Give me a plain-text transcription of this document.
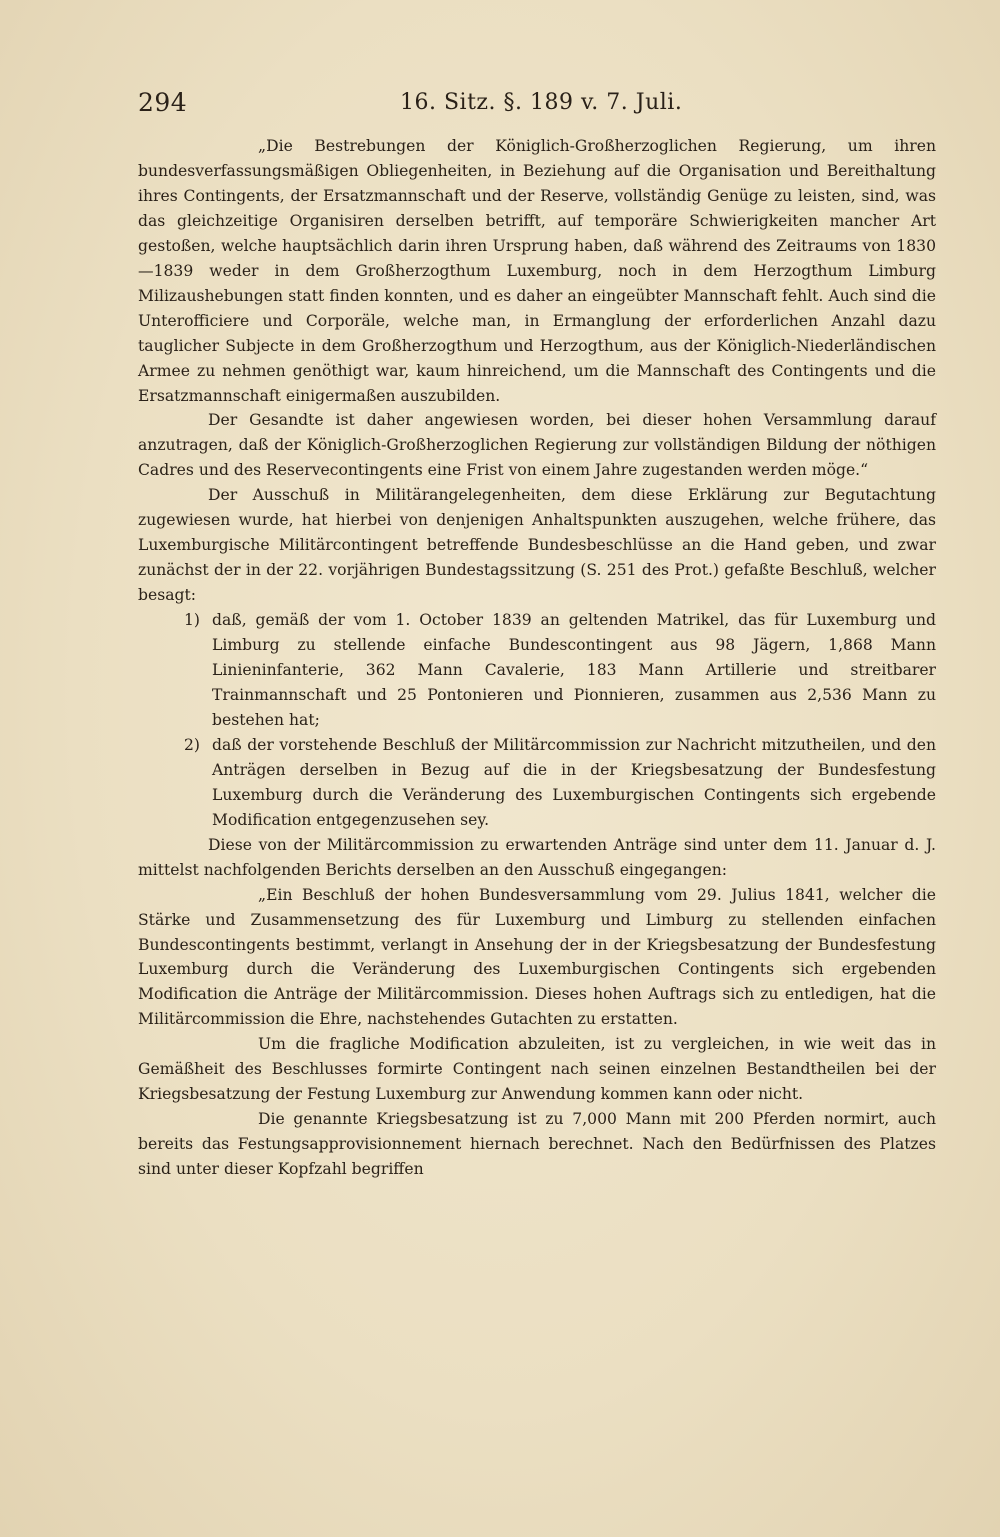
294	16. Sitz. §. 189 v. 7. Juli.

„Die Bestrebungen der Königlich-Großherzoglichen Regierung, um ihren bundesverfassungsmäßigen Obliegenheiten, in Beziehung auf die Organisation und Bereithaltung ihres Contingents, der Ersatzmannschaft und der Reserve, vollständig Genüge zu leisten, sind, was das gleichzeitige Organisiren derselben betrifft, auf temporäre Schwierigkeiten mancher Art gestoßen, welche hauptsächlich darin ihren Ursprung haben, daß während des Zeitraums von 1830—1839 weder in dem Großherzogthum Luxemburg, noch in dem Herzogthum Limburg Milizaushebungen statt finden konnten, und es daher an eingeübter Mannschaft fehlt. Auch sind die Unterofficiere und Corporäle, welche man, in Ermanglung der erforderlichen Anzahl dazu tauglicher Subjecte in dem Großherzogthum und Herzogthum, aus der Königlich-Niederländischen Armee zu nehmen genöthigt war, kaum hinreichend, um die Mannschaft des Contingents und die Ersatzmannschaft einigermaßen auszubilden.

Der Gesandte ist daher angewiesen worden, bei dieser hohen Versammlung darauf anzutragen, daß der Königlich-Großherzoglichen Regierung zur vollständigen Bildung der nöthigen Cadres und des Reservecontingents eine Frist von einem Jahre zugestanden werden möge.“

Der Ausschuß in Militärangelegenheiten, dem diese Erklärung zur Begutachtung zugewiesen wurde, hat hierbei von denjenigen Anhaltspunkten auszugehen, welche frühere, das Luxemburgische Militärcontingent betreffende Bundesbeschlüsse an die Hand geben, und zwar zunächst der in der 22. vorjährigen Bundestagssitzung (S. 251 des Prot.) gefaßte Beschluß, welcher besagt:

1) daß, gemäß der vom 1. October 1839 an geltenden Matrikel, das für Luxemburg und Limburg zu stellende einfache Bundescontingent aus 98 Jägern, 1,868 Mann Linieninfanterie, 362 Mann Cavalerie, 183 Mann Artillerie und streitbarer Trainmannschaft und 25 Pontonieren und Pionnieren, zusammen aus 2,536 Mann zu bestehen hat;

2) daß der vorstehende Beschluß der Militärcommission zur Nachricht mitzutheilen, und den Anträgen derselben in Bezug auf die in der Kriegsbesatzung der Bundesfestung Luxemburg durch die Veränderung des Luxemburgischen Contingents sich ergebende Modification entgegenzusehen sey.

Diese von der Militärcommission zu erwartenden Anträge sind unter dem 11. Januar d. J. mittelst nachfolgenden Berichts derselben an den Ausschuß eingegangen:

„Ein Beschluß der hohen Bundesversammlung vom 29. Julius 1841, welcher die Stärke und Zusammensetzung des für Luxemburg und Limburg zu stellenden einfachen Bundescontingents bestimmt, verlangt in Ansehung der in der Kriegsbesatzung der Bundesfestung Luxemburg durch die Veränderung des Luxemburgischen Contingents sich ergebenden Modification die Anträge der Militärcommission. Dieses hohen Auftrags sich zu entledigen, hat die Militärcommission die Ehre, nachstehendes Gutachten zu erstatten.

Um die fragliche Modification abzuleiten, ist zu vergleichen, in wie weit das in Gemäßheit des Beschlusses formirte Contingent nach seinen einzelnen Bestandtheilen bei der Kriegsbesatzung der Festung Luxemburg zur Anwendung kommen kann oder nicht.

Die genannte Kriegsbesatzung ist zu 7,000 Mann mit 200 Pferden normirt, auch bereits das Festungsapprovisionnement hiernach berechnet. Nach den Bedürfnissen des Platzes sind unter dieser Kopfzahl begriffen
